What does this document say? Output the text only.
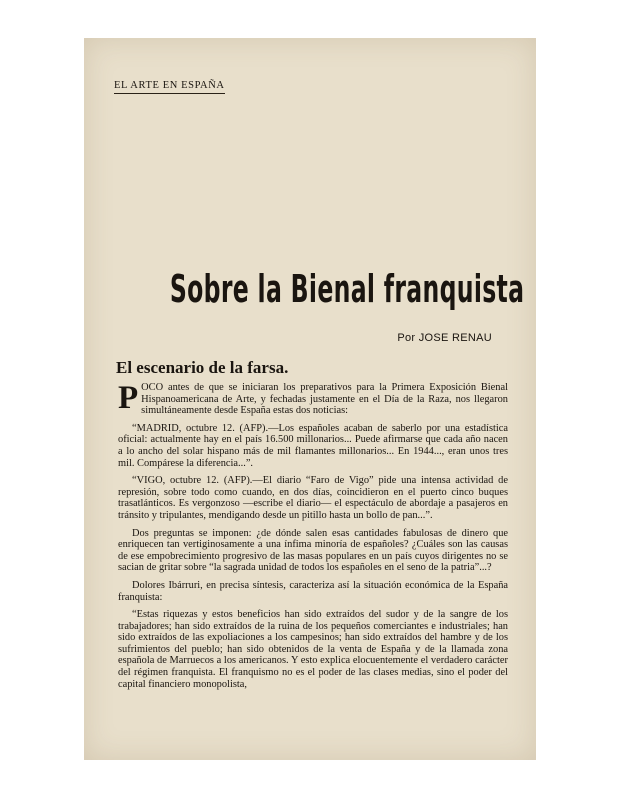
EL ARTE EN ESPAÑA
Sobre la Bienal franquista
Por JOSE RENAU
El escenario de la farsa.

POCO antes de que se iniciaran los preparativos para la Primera Exposición Bienal Hispanoamericana de Arte, y fechadas justamente en el Día de la Raza, nos llegaron simultáneamente desde España estas dos noticias:

“MADRID, octubre 12. (AFP).—Los españoles acaban de saberlo por una estadística oficial: actualmente hay en el país 16.500 millonarios... Puede afirmarse que cada año nacen a lo ancho del solar hispano más de mil flamantes millonarios... En 1944..., eran unos tres mil. Compárese la diferencia...”.

“VIGO, octubre 12. (AFP).—El diario “Faro de Vigo” pide una intensa actividad de represión, sobre todo como cuando, en dos días, coincidieron en el puerto cinco buques trasatlánticos. Es vergonzoso —escribe el diario— el espectáculo de abordaje a pasajeros en tránsito y tripulantes, mendigando desde un pitillo hasta un bollo de pan...”.

Dos preguntas se imponen: ¿de dónde salen esas cantidades fabulosas de dinero que enriquecen tan vertiginosamente a una ínfima minoría de españoles? ¿Cuáles son las causas de ese empobrecimiento progresivo de las masas populares en un país cuyos dirigentes no se sacian de gritar sobre “la sagrada unidad de todos los españoles en el seno de la patria”...?

Dolores Ibárruri, en precisa síntesis, caracteriza así la situación económica de la España franquista:

“Estas riquezas y estos beneficios han sido extraídos del sudor y de la sangre de los trabajadores; han sido extraídos de la ruina de los pequeños comerciantes e industriales; han sido extraídos de las expoliaciones a los campesinos; han sido extraídos del hambre y de los sufrimientos del pueblo; han sido obtenidos de la venta de España y de la llamada zona española de Marruecos a los americanos. Y esto explica elocuentemente el verdadero carácter del régimen franquista. El franquismo no es el poder de las clases medias, sino el poder del capital financiero monopolista,
